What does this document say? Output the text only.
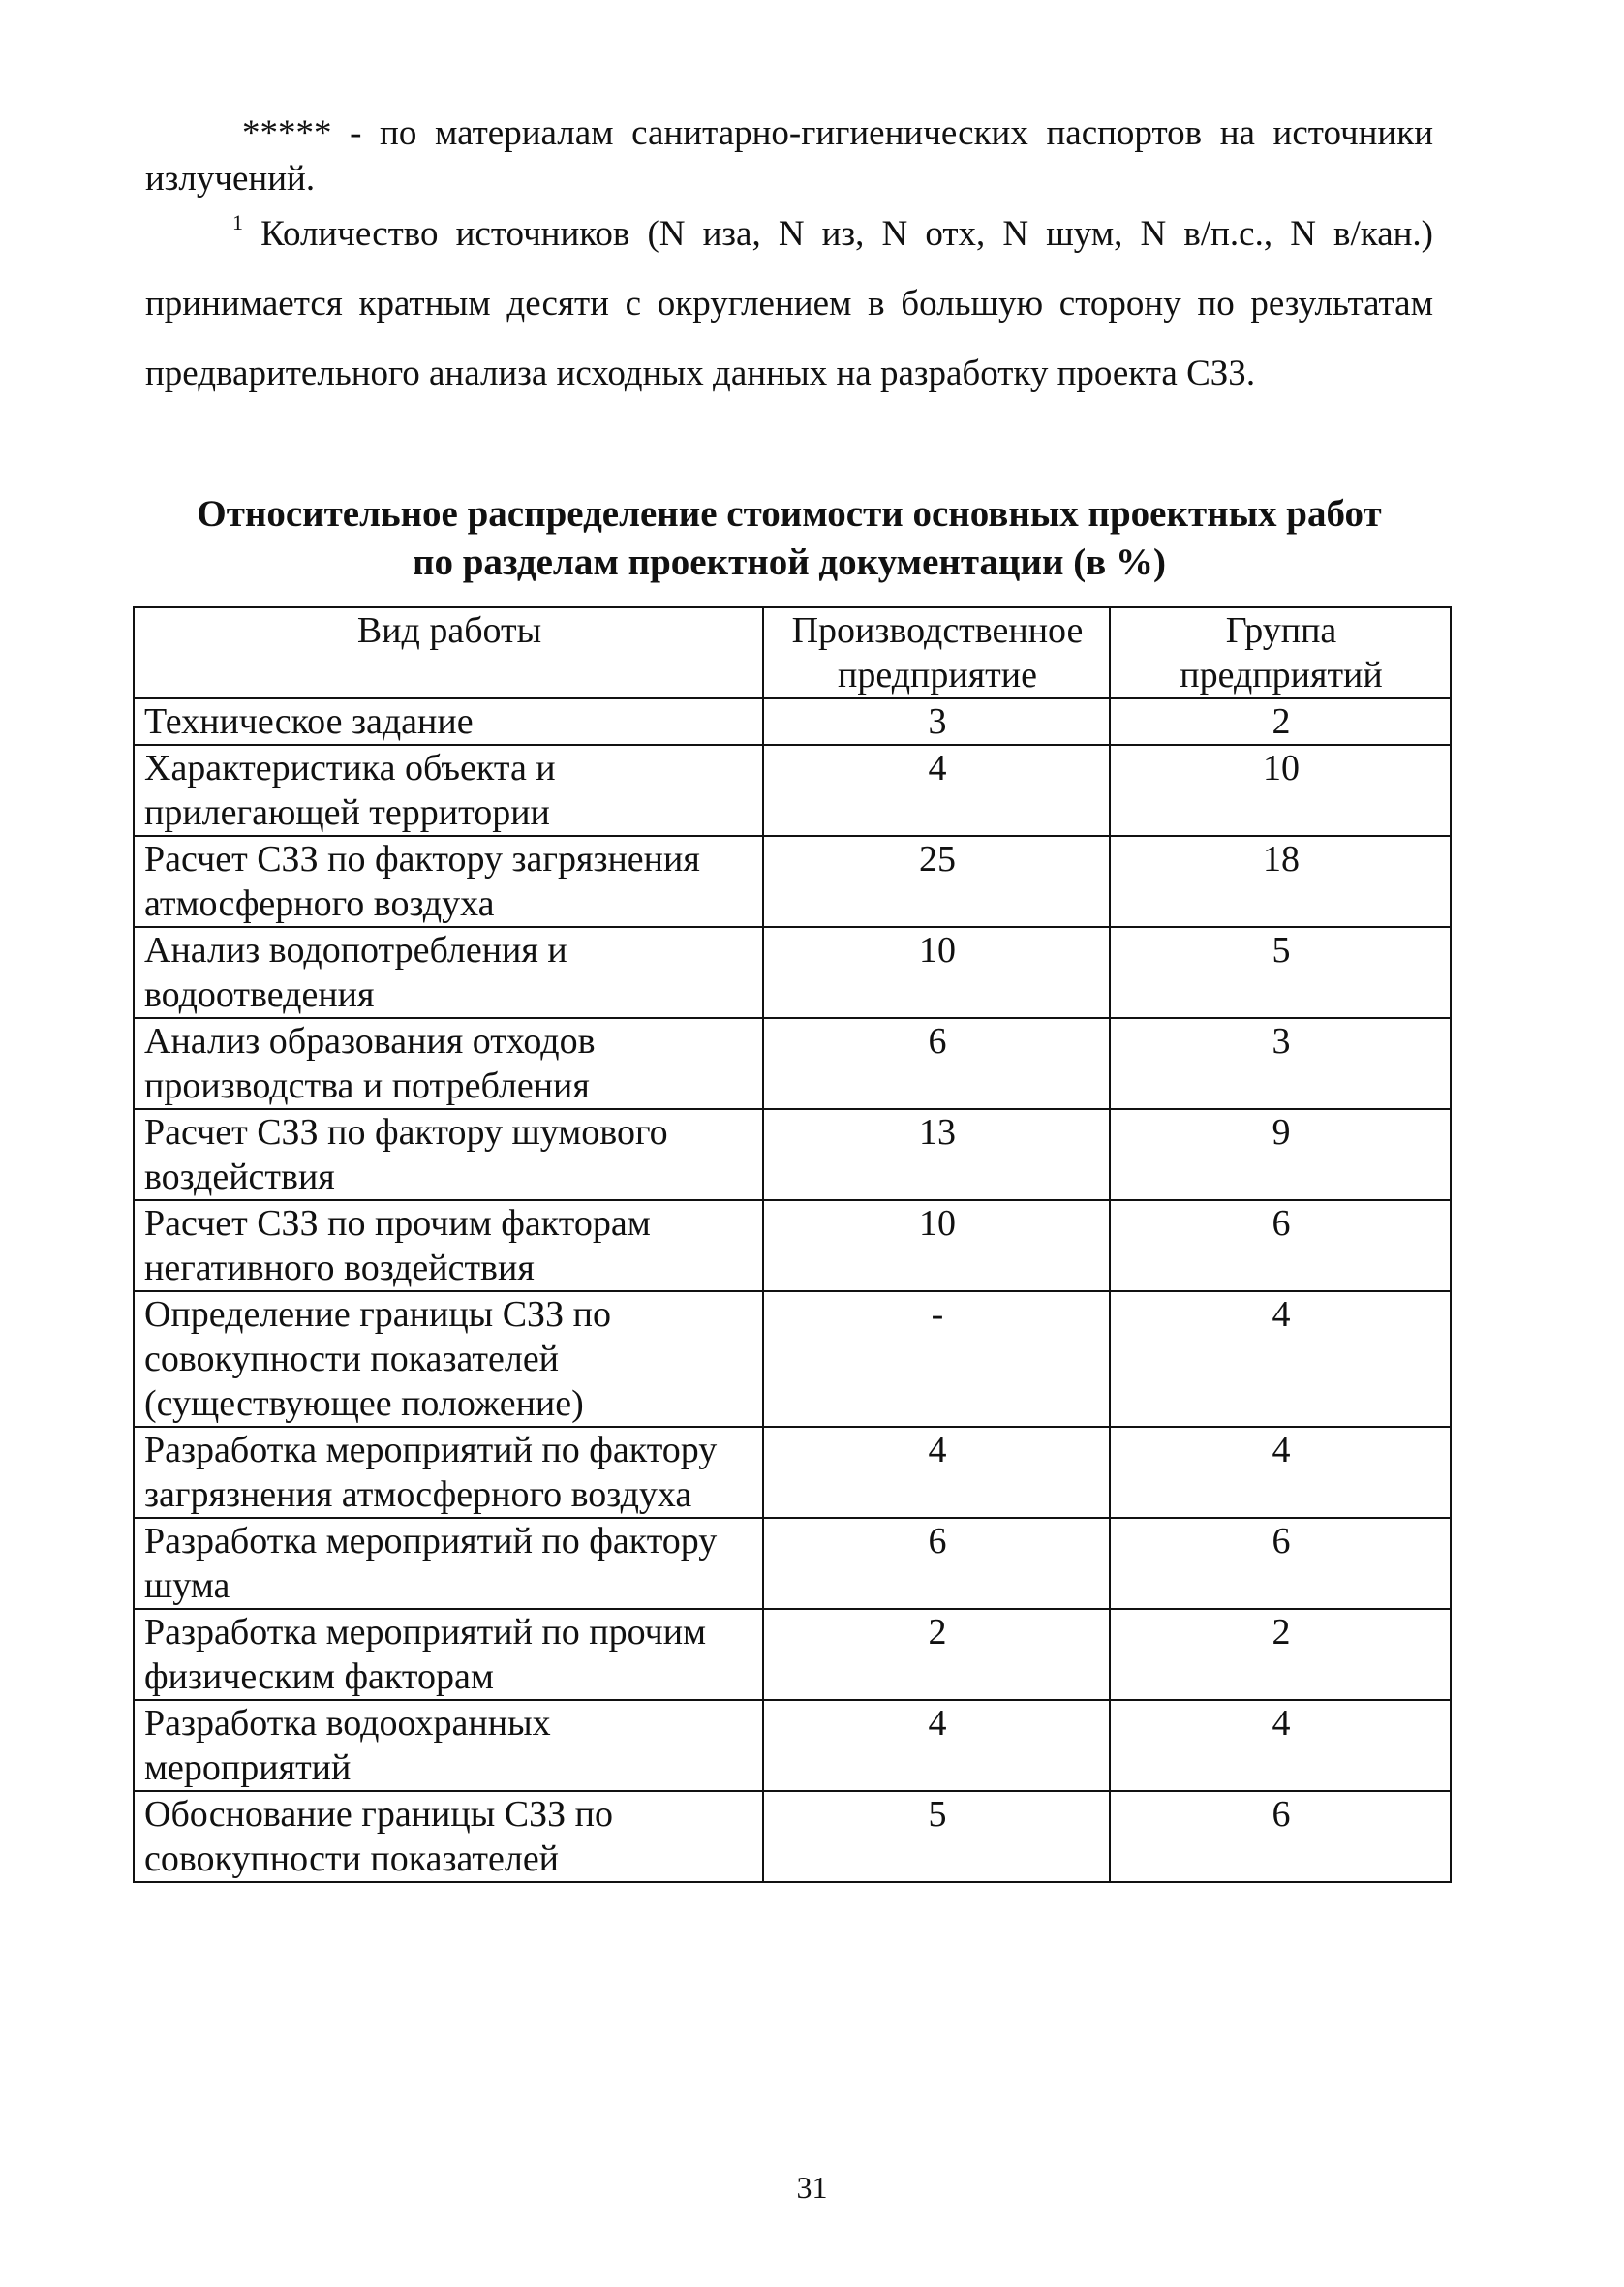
***** - по материалам санитарно-гигиенических паспортов на источники излучений.
$^1$ Количество источников (N иза, N из, N отх, N шум, N в/п.с., N в/кан.) принимается кратным десяти с округлением в большую сторону по результатам предварительного анализа исходных данных на разработку проекта СЗЗ.
Относительное распределение стоимости основных проектных работ
по разделам проектной документации (в %)
Вид работы	Производственное предприятие	Группа предприятий
Техническое задание	3	2
Характеристика объекта и прилегающей территории	4	10
Расчет СЗЗ по фактору загрязнения атмосферного воздуха	25	18
Анализ водопотребления и водоотведения	10	5
Анализ образования отходов производства и потребления	6	3
Расчет СЗЗ по фактору шумового воздействия	13	9
Расчет СЗЗ по прочим факторам негативного воздействия	10	6
Определение границы СЗЗ по совокупности показателей (существующее положение)	-	4
Разработка мероприятий по фактору загрязнения атмосферного воздуха	4	4
Разработка мероприятий по фактору шума	6	6
Разработка мероприятий по прочим физическим факторам	2	2
Разработка водоохранных мероприятий	4	4
Обоснование границы СЗЗ по совокупности показателей	5	6
31
